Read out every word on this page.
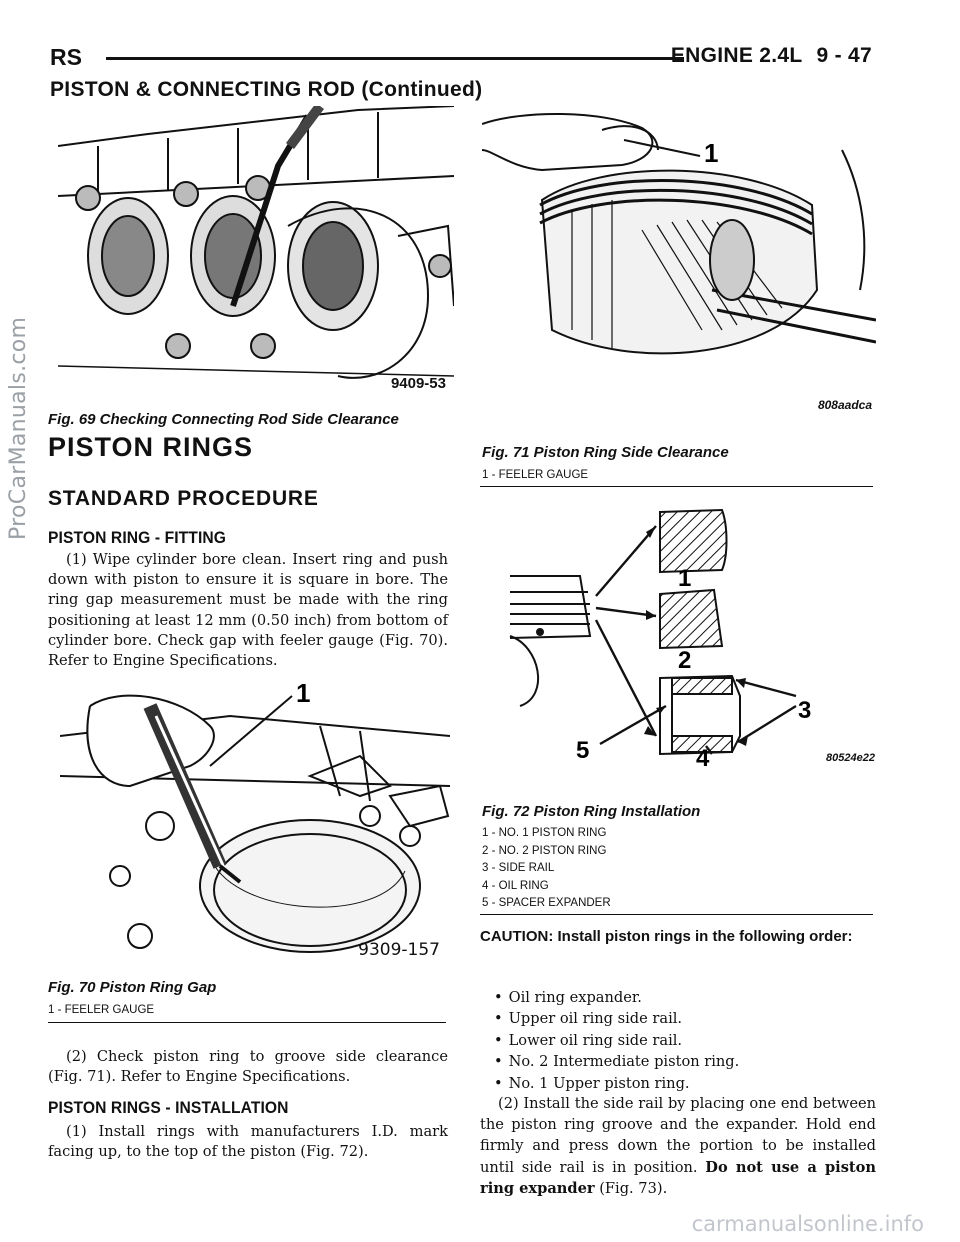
RS	ENGINE 2.4L 9 - 47
PISTON & CONNECTING ROD (Continued)
ProCarManuals.com	9409-53
Fig. 69 Checking Connecting Rod Side Clearance
1
808aadca
Fig. 71 Piston Ring Side Clearance
1 - FEELER GAUGE
PISTON RINGS
STANDARD PROCEDURE
PISTON RING - FITTING
(1) Wipe cylinder bore clean. Insert ring and push down with piston to ensure it is square in bore. The ring gap measurement must be made with the ring positioning at least 12 mm (0.50 inch) from bottom of cylinder bore. Check gap with feeler gauge (Fig. 70). Refer to Engine Specifications.
1
9309-157
Fig. 70 Piston Ring Gap
1 - FEELER GAUGE
(2) Check piston ring to groove side clearance (Fig. 71). Refer to Engine Specifications.
PISTON RINGS - INSTALLATION
(1) Install rings with manufacturers I.D. mark facing up, to the top of the piston (Fig. 72).
1
2
3
4
5	80524e22
Fig. 72 Piston Ring Installation
1 - NO. 1 PISTON RING
2 - NO. 2 PISTON RING
3 - SIDE RAIL
4 - OIL RING
5 - SPACER EXPANDER
CAUTION: Install piston rings in the following order:
• Oil ring expander.
• Upper oil ring side rail.
• Lower oil ring side rail.
• No. 2 Intermediate piston ring.
• No. 1 Upper piston ring.
(2) Install the side rail by placing one end between the piston ring groove and the expander. Hold end firmly and press down the portion to be installed until side rail is in position. Do not use a piston ring expander (Fig. 73).
carmanualsonline.info
